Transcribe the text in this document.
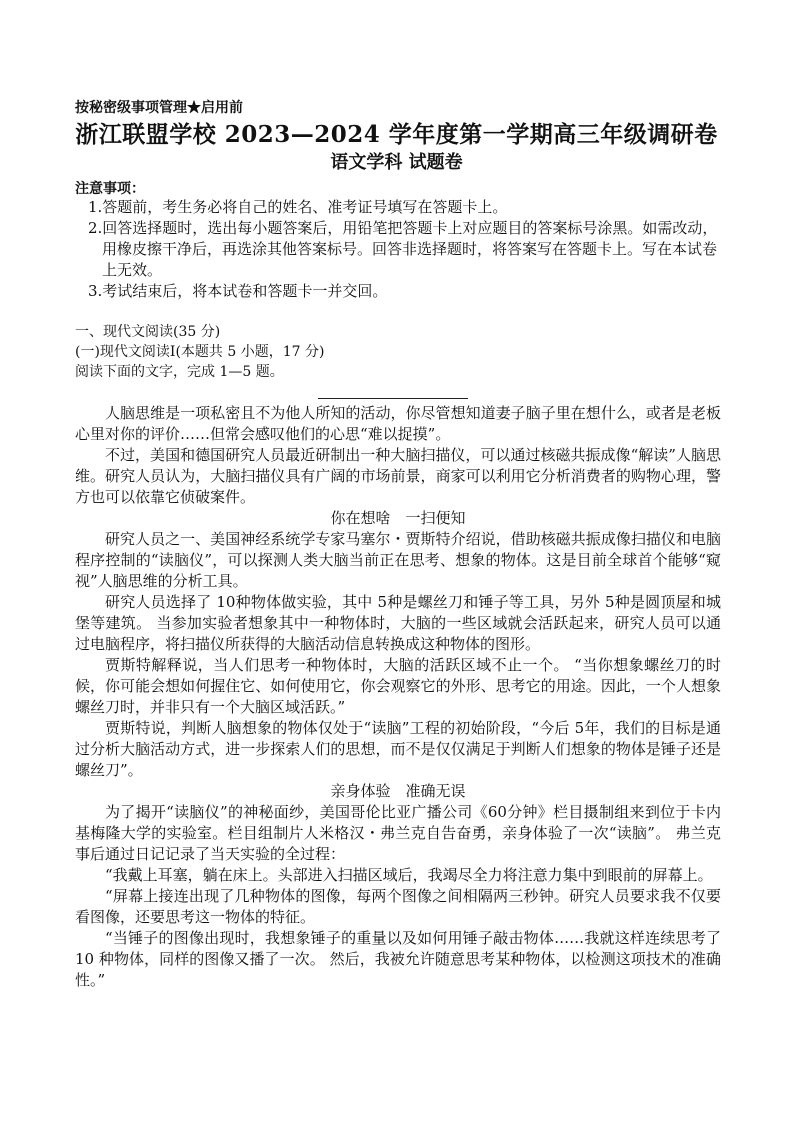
按秘密级事项管理★启用前
浙江联盟学校 2023—2024 学年度第一学期高三年级调研卷
语文学科 试题卷
注意事项：

1.答题前，考生务必将自己的姓名、准考证号填写在答题卡上。

2.回答选择题时，选出每小题答案后，用铅笔把答题卡上对应题目的答案标号涂黑。如需改动，用橡皮擦干净后，再选涂其他答案标号。回答非选择题时，将答案写在答题卡上。写在本试卷上无效。

3.考试结束后，将本试卷和答题卡一并交回。

一、现代文阅读(35 分)

(一)现代文阅读Ⅰ(本题共 5 小题，17 分)

阅读下面的文字，完成 1—5 题。

人脑思维是一项私密且不为他人所知的活动，你尽管想知道妻子脑子里在想什么，或者是老板心里对你的评价……但常会感叹他们的心思“难以捉摸”。

不过，美国和德国研究人员最近研制出一种大脑扫描仪，可以通过核磁共振成像“解读”人脑思维。研究人员认为，大脑扫描仪具有广阔的市场前景，商家可以利用它分析消费者的购物心理，警方也可以依靠它侦破案件。

你在想啥　一扫便知

研究人员之一、美国神经系统学专家马塞尔・贾斯特介绍说，借助核磁共振成像扫描仪和电脑程序控制的“读脑仪”，可以探测人类大脑当前正在思考、想象的物体。这是目前全球首个能够“窥视”人脑思维的分析工具。

研究人员选择了 10种物体做实验，其中 5种是螺丝刀和锤子等工具，另外 5种是圆顶屋和城堡等建筑。 当参加实验者想象其中一种物体时，大脑的一些区域就会活跃起来，研究人员可以通过电脑程序，将扫描仪所获得的大脑活动信息转换成这种物体的图形。

贾斯特解释说，当人们思考一种物体时，大脑的活跃区域不止一个。 “当你想象螺丝刀的时候，你可能会想如何握住它、如何使用它，你会观察它的外形、思考它的用途。因此，一个人想象螺丝刀时，并非只有一个大脑区域活跃。”

贾斯特说，判断人脑想象的物体仅处于“读脑”工程的初始阶段，“今后 5年，我们的目标是通过分析大脑活动方式，进一步探索人们的思想，而不是仅仅满足于判断人们想象的物体是锤子还是螺丝刀”。

亲身体验　准确无误

为了揭开“读脑仪”的神秘面纱，美国哥伦比亚广播公司《60分钟》栏目摄制组来到位于卡内基梅隆大学的实验室。栏目组制片人米格汉・弗兰克自告奋勇，亲身体验了一次“读脑”。 弗兰克事后通过日记记录了当天实验的全过程：

“我戴上耳塞，躺在床上。头部进入扫描区域后，我竭尽全力将注意力集中到眼前的屏幕上。

“屏幕上接连出现了几种物体的图像，每两个图像之间相隔两三秒钟。研究人员要求我不仅要看图像，还要思考这一物体的特征。

“当锤子的图像出现时，我想象锤子的重量以及如何用锤子敲击物体……我就这样连续思考了 10 种物体，同样的图像又播了一次。 然后，我被允许随意思考某种物体，以检测这项技术的准确性。”
